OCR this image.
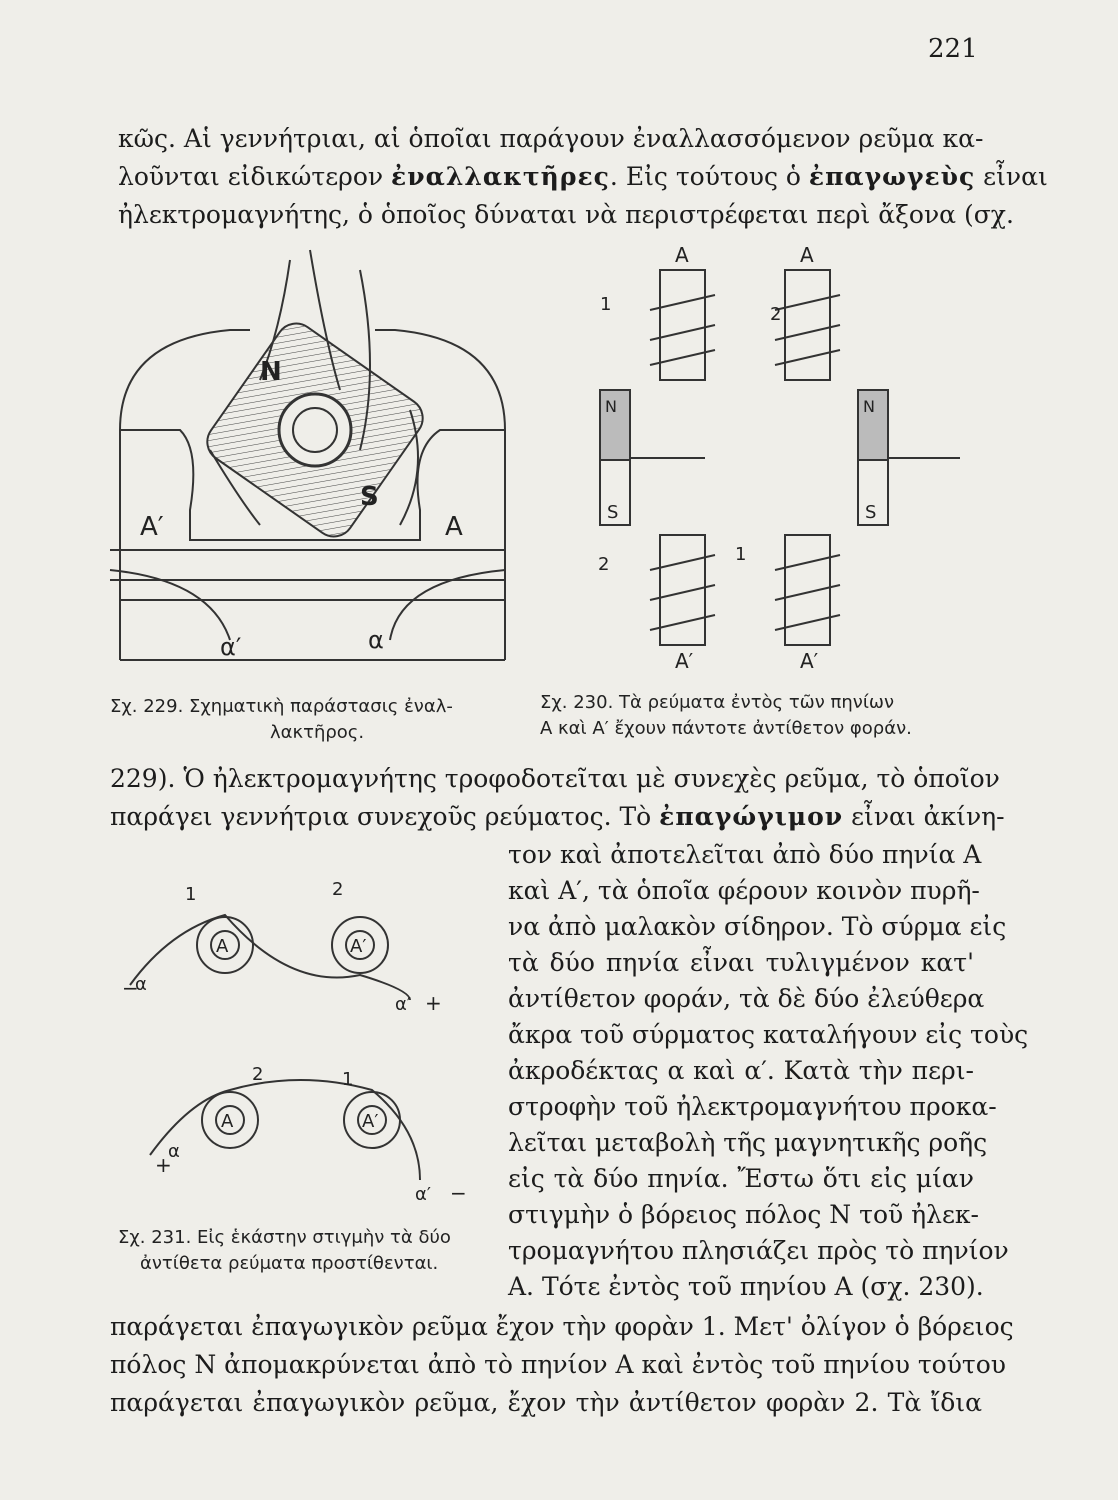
221
κῶς. Αἱ γεννήτριαι, αἱ ὁποῖαι παράγουν ἐναλλασσόμενον ρεῦμα κα-
λοῦνται εἰδικώτερον ἐναλλακτῆρες. Εἰς τούτους ὁ ἐπαγωγεὺς εἶναι
ἠλεκτρομαγνήτης, ὁ ὁποῖος δύναται νὰ περιστρέφεται περὶ ἄξονα (σχ.
N
S
A′	A
α′	α
Σχ. 229. Σχηματικὴ παράστασις ἐναλ-
λακτῆρος.
A	A
1	2
N	N
S	S
A′	A′
2	1
Σχ. 230. Τὰ ρεύματα ἐντὸς τῶν πηνίων
A καὶ A′ ἔχουν πάντοτε ἀντίθετον φοράν.
229). Ὁ ἠλεκτρομαγνήτης τροφοδοτεῖται μὲ συνεχὲς ρεῦμα, τὸ ὁποῖον
παράγει γεννήτρια συνεχοῦς ρεύματος. Τὸ ἐπαγώγιμον εἶναι ἀκίνη-
A	A′
1	2
α
−
α′ +
A	A′
2	1
α
+
α′ −
Σχ. 231. Εἰς ἑκάστην στιγμὴν τὰ δύο
ἀντίθετα ρεύματα προστίθενται.
τον καὶ ἀποτελεῖται ἀπὸ δύο πηνία A
καὶ A′, τὰ ὁποῖα φέρουν κοινὸν πυρῆ-
να ἀπὸ μαλακὸν σίδηρον. Τὸ σύρμα εἰς
τὰ δύο πηνία εἶναι τυλιγμένον κατ'
ἀντίθετον φοράν, τὰ δὲ δύο ἐλεύθερα
ἄκρα τοῦ σύρματος καταλήγουν εἰς τοὺς
ἀκροδέκτας α καὶ α′. Κατὰ τὴν περι-
στροφὴν τοῦ ἠλεκτρομαγνήτου προκα-
λεῖται μεταβολὴ τῆς μαγνητικῆς ροῆς
εἰς τὰ δύο πηνία. Ἔστω ὅτι εἰς μίαν
στιγμὴν ὁ βόρειος πόλος N τοῦ ἠλεκ-
τρομαγνήτου πλησιάζει πρὸς τὸ πηνίον
A. Τότε ἐντὸς τοῦ πηνίου A (σχ. 230).
παράγεται ἐπαγωγικὸν ρεῦμα ἔχον τὴν φορὰν 1. Μετ' ὀλίγον ὁ βόρειος
πόλος N ἀπομακρύνεται ἀπὸ τὸ πηνίον A καὶ ἐντὸς τοῦ πηνίου τούτου
παράγεται ἐπαγωγικὸν ρεῦμα, ἔχον τὴν ἀντίθετον φορὰν 2. Τὰ ἴδια
